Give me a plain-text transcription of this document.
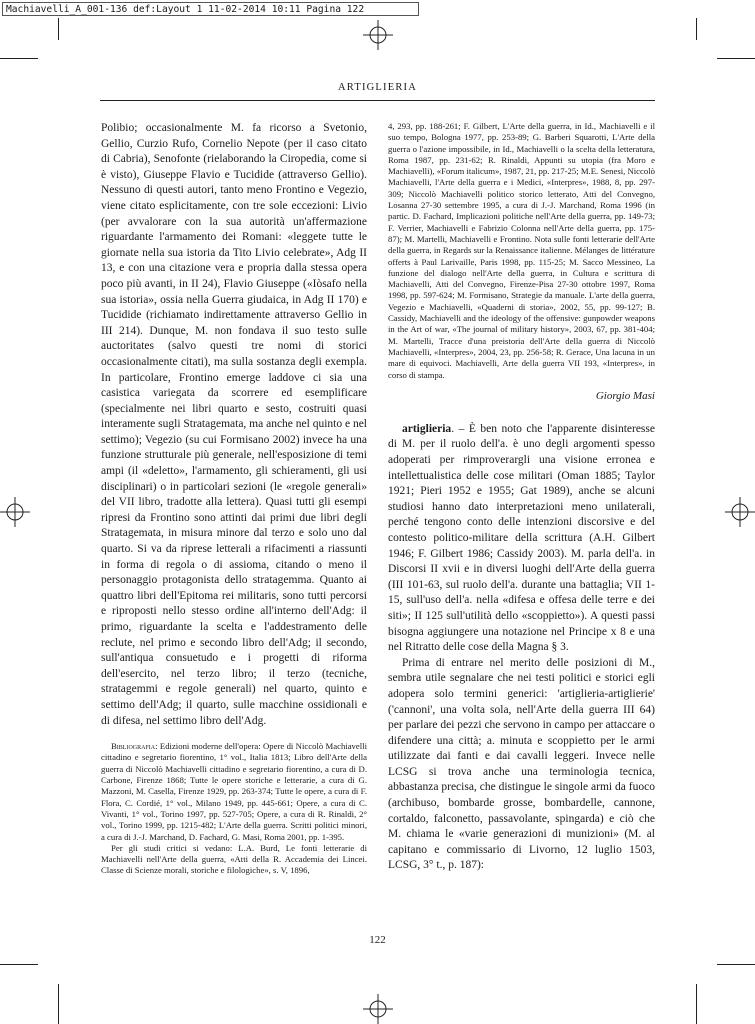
Machiavelli_A_001-136 def:Layout 1 11-02-2014 10:11 Pagina 122
ARTIGLIERIA

Polibio; occasionalmente M. fa ricorso a Svetonio, Gellio, Curzio Rufo, Cornelio Nepote (per il caso citato di Cabria), Senofonte (rielaborando la Ciropedia, come si è visto), Giuseppe Flavio e Tucidide (attraverso Gellio). Nessuno di questi autori, tanto meno Frontino e Vegezio, viene citato esplicitamente, con tre sole eccezioni: Livio (per avvalorare con la sua autorità un'affermazione riguardante l'armamento dei Romani: «leggete tutte le giornate nella sua istoria da Tito Livio celebrate», Adg II 13, e con una citazione vera e propria dalla stessa opera poco più avanti, in II 24), Flavio Giuseppe («Iòsafo nella sua istoria», ossia nella Guerra giudaica, in Adg II 170) e Tucidide (richiamato indirettamente attraverso Gellio in III 214). Dunque, M. non fondava il suo testo sulle auctoritates (salvo questi tre nomi di storici occasionalmente citati), ma sulla sostanza degli exempla. In particolare, Frontino emerge laddove ci sia una casistica variegata da scorrere ed esemplificare (specialmente nei libri quarto e sesto, costruiti quasi interamente sugli Stratagemata, ma anche nel quinto e nel settimo); Vegezio (su cui Formisano 2002) invece ha una funzione strutturale più generale, nell'esposizione di temi ampi (il «deletto», l'armamento, gli schieramenti, gli usi disciplinari) o in particolari sezioni (le «regole generali» del VII libro, tradotte alla lettera). Quasi tutti gli esempi ripresi da Frontino sono attinti dai primi due libri degli Stratagemata, in misura minore dal terzo e solo uno dal quarto. Si va da riprese letterali a rifacimenti a riassunti in forma di regola o di assioma, citando o meno il personaggio protagonista dello stratagemma. Quanto ai quattro libri dell'Epitoma rei militaris, sono tutti percorsi e riproposti nello stesso ordine all'interno dell'Adg: il primo, riguardante la scelta e l'addestramento delle reclute, nel primo e secondo libro dell'Adg; il secondo, sull'antiqua consuetudo e i progetti di riforma dell'esercito, nel terzo libro; il terzo (tecniche, stratagemmi e regole generali) nel quarto, quinto e settimo dell'Adg; il quarto, sulle macchine ossidionali e di difesa, nel settimo libro dell'Adg.

Bibliografia: Edizioni moderne dell'opera: Opere di Niccolò Machiavelli cittadino e segretario fiorentino, 1° vol., Italia 1813; Libro dell'Arte della guerra di Niccolò Machiavelli cittadino e segretario fiorentino, a cura di D. Carbone, Firenze 1868; Tutte le opere storiche e letterarie, a cura di G. Mazzoni, M. Casella, Firenze 1929, pp. 263-374; Tutte le opere, a cura di F. Flora, C. Cordié, 1° vol., Milano 1949, pp. 445-661; Opere, a cura di C. Vivanti, 1° vol., Torino 1997, pp. 527-705; Opere, a cura di R. Rinaldi, 2° vol., Torino 1999, pp. 1215-482; L'Arte della guerra. Scritti politici minori, a cura di J.-J. Marchand, D. Fachard, G. Masi, Roma 2001, pp. 1-395.

Per gli studi critici si vedano: L.A. Burd, Le fonti letterarie di Machiavelli nell'Arte della guerra, «Atti della R. Accademia dei Lincei. Classe di Scienze morali, storiche e filologiche», s. V, 1896,

4, 293, pp. 188-261; F. Gilbert, L'Arte della guerra, in Id., Machiavelli e il suo tempo, Bologna 1977, pp. 253-89; G. Barberi Squarotti, L'Arte della guerra o l'azione impossibile, in Id., Machiavelli o la scelta della letteratura, Roma 1987, pp. 231-62; R. Rinaldi, Appunti su utopia (fra Moro e Machiavelli), «Forum italicum», 1987, 21, pp. 217-25; M.E. Senesi, Niccolò Machiavelli, l'Arte della guerra e i Medici, «Interpres», 1988, 8, pp. 297-309; Niccolò Machiavelli politico storico letterato, Atti del Convegno, Losanna 27-30 settembre 1995, a cura di J.-J. Marchand, Roma 1996 (in partic. D. Fachard, Implicazioni politiche nell'Arte della guerra, pp. 149-73; F. Verrier, Machiavelli e Fabrizio Colonna nell'Arte della guerra, pp. 175-87); M. Martelli, Machiavelli e Frontino. Nota sulle fonti letterarie dell'Arte della guerra, in Regards sur la Renaissance italienne. Mélanges de littérature offerts à Paul Larivaille, Paris 1998, pp. 115-25; M. Sacco Messineo, La funzione del dialogo nell'Arte della guerra, in Cultura e scrittura di Machiavelli, Atti del Convegno, Firenze-Pisa 27-30 ottobre 1997, Roma 1998, pp. 597-624; M. Formisano, Strategie da manuale. L'arte della guerra, Vegezio e Machiavelli, «Quaderni di storia», 2002, 55, pp. 99-127; B. Cassidy, Machiavelli and the ideology of the offensive: gunpowder weapons in the Art of war, «The journal of military history», 2003, 67, pp. 381-404; M. Martelli, Tracce d'una preistoria dell'Arte della guerra di Niccolò Machiavelli, «Interpres», 2004, 23, pp. 256-58; R. Gerace, Una lacuna in un mare di equivoci. Machiavelli, Arte della guerra VII 193, «Interpres», in corso di stampa.

Giorgio Masi

artiglieria. – È ben noto che l'apparente disinteresse di M. per il ruolo dell'a. è uno degli argomenti spesso adoperati per rimproverargli una visione erronea e intellettualistica delle cose militari (Oman 1885; Taylor 1921; Pieri 1952 e 1955; Gat 1989), anche se alcuni studiosi hanno dato interpretazioni meno unilaterali, perché tengono conto delle intenzioni discorsive e del contesto politico-militare della scrittura (A.H. Gilbert 1946; F. Gilbert 1986; Cassidy 2003). M. parla dell'a. in Discorsi II xvii e in diversi luoghi dell'Arte della guerra (III 101-63, sul ruolo dell'a. durante una battaglia; VII 1-15, sull'uso dell'a. nella «difesa e offesa delle terre e dei siti»; II 125 sull'utilità dello «scoppietto»). A questi passi bisogna aggiungere una notazione nel Principe x 8 e una nel Ritratto delle cose della Magna § 3.

Prima di entrare nel merito delle posizioni di M., sembra utile segnalare che nei testi politici e storici egli adopera solo termini generici: 'artiglieria-artiglierie' ('cannoni', una volta sola, nell'Arte della guerra III 64) per parlare dei pezzi che servono in campo per attaccare o difendere una città; a. minuta e scoppietto per le armi utilizzate dai fanti e dai cavalli leggeri. Invece nelle LCSG si trova anche una terminologia tecnica, abbastanza precisa, che distingue le singole armi da fuoco (archibuso, bombarde grosse, bombardelle, cannone, cortaldo, falconetto, passavolante, spingarda) e ciò che M. chiama le «varie generazioni di munizioni» (M. al capitano e commissario di Livorno, 12 luglio 1503, LCSG, 3° t., p. 187):

122
